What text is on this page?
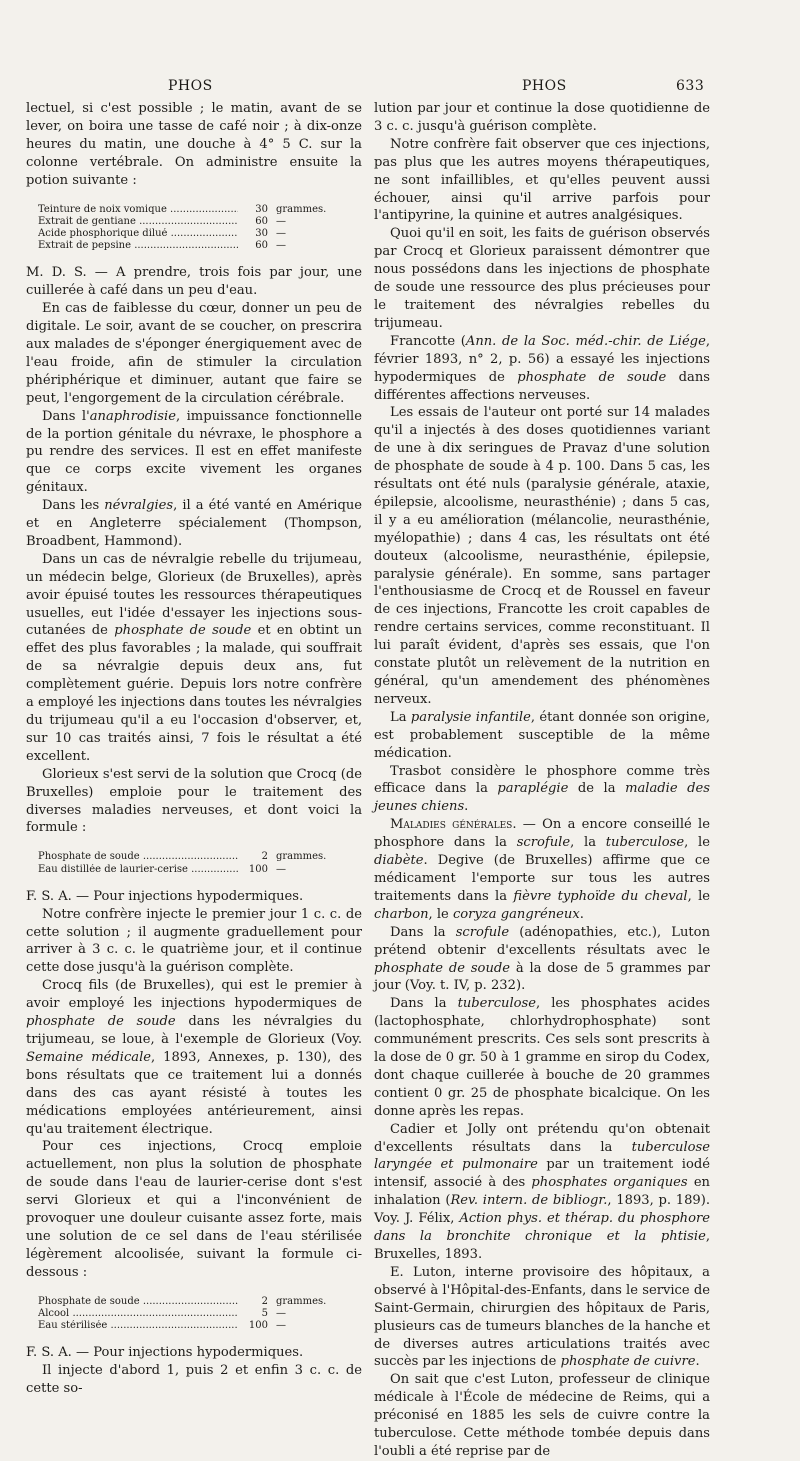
PHOS	PHOS	633

lectuel, si c'est possible ; le matin, avant de se lever, on boira une tasse de café noir ; à dix-onze heures du matin, une douche à 4° 5 C. sur la colonne vertébrale. On administre ensuite la potion suivante :

Teinture de noix vomique .....	30 grammes.
Extrait de gentiane .....	60 —
Acide phosphorique dilué .....	30 —
Extrait de pepsine .....	60 —

M. D. S. — A prendre, trois fois par jour, une cuillerée à café dans un peu d'eau.

En cas de faiblesse du cœur, donner un peu de digitale. Le soir, avant de se coucher, on prescrira aux malades de s'éponger énergiquement avec de l'eau froide, afin de stimuler la circulation phériphérique et diminuer, autant que faire se peut, l'engorgement de la circulation cérébrale.

Dans l'anaphrodisie, impuissance fonctionnelle de la portion génitale du névraxe, le phosphore a pu rendre des services. Il est en effet manifeste que ce corps excite vivement les organes génitaux.

Dans les névralgies, il a été vanté en Amérique et en Angleterre spécialement (Thompson, Broadbent, Hammond).

Dans un cas de névralgie rebelle du trijumeau, un médecin belge, Glorieux (de Bruxelles), après avoir épuisé toutes les ressources thérapeutiques usuelles, eut l'idée d'essayer les injections sous-cutanées de phosphate de soude et en obtint un effet des plus favorables ; la malade, qui souffrait de sa névralgie depuis deux ans, fut complètement guérie. Depuis lors notre confrère a employé les injections dans toutes les névralgies du trijumeau qu'il a eu l'occasion d'observer, et, sur 10 cas traités ainsi, 7 fois le résultat a été excellent.

Glorieux s'est servi de la solution que Crocq (de Bruxelles) emploie pour le traitement des diverses maladies nerveuses, et dont voici la formule :

Phosphate de soude .....	2 grammes.
Eau distillée de laurier-cerise .....	100 —

F. S. A. — Pour injections hypodermiques.

Notre confrère injecte le premier jour 1 c. c. de cette solution ; il augmente graduellement pour arriver à 3 c. c. le quatrième jour, et il continue cette dose jusqu'à la guérison complète.

Crocq fils (de Bruxelles), qui est le premier à avoir employé les injections hypodermiques de phosphate de soude dans les névralgies du trijumeau, se loue, à l'exemple de Glorieux (Voy. Semaine médicale, 1893, Annexes, p. 130), des bons résultats que ce traitement lui a donnés dans des cas ayant résisté à toutes les médications employées antérieurement, ainsi qu'au traitement électrique.

Pour ces injections, Crocq emploie actuellement, non plus la solution de phosphate de soude dans l'eau de laurier-cerise dont s'est servi Glorieux et qui a l'inconvénient de provoquer une douleur cuisante assez forte, mais une solution de ce sel dans de l'eau stérilisée légèrement alcoolisée, suivant la formule ci-dessous :

Phosphate de soude .....	2 grammes.
Alcool .....	5 —
Eau stérilisée .....	100 —

F. S. A. — Pour injections hypodermiques.

Il injecte d'abord 1, puis 2 et enfin 3 c. c. de cette so-

lution par jour et continue la dose quotidienne de 3 c. c. jusqu'à guérison complète.

Notre confrère fait observer que ces injections, pas plus que les autres moyens thérapeutiques, ne sont infaillibles, et qu'elles peuvent aussi échouer, ainsi qu'il arrive parfois pour l'antipyrine, la quinine et autres analgésiques.

Quoi qu'il en soit, les faits de guérison observés par Crocq et Glorieux paraissent démontrer que nous possédons dans les injections de phosphate de soude une ressource des plus précieuses pour le traitement des névralgies rebelles du trijumeau.

Francotte (Ann. de la Soc. méd.-chir. de Liége, février 1893, n° 2, p. 56) a essayé les injections hypodermiques de phosphate de soude dans différentes affections nerveuses.

Les essais de l'auteur ont porté sur 14 malades qu'il a injectés à des doses quotidiennes variant de une à dix seringues de Pravaz d'une solution de phosphate de soude à 4 p. 100. Dans 5 cas, les résultats ont été nuls (paralysie générale, ataxie, épilepsie, alcoolisme, neurasthénie) ; dans 5 cas, il y a eu amélioration (mélancolie, neurasthénie, myélopathie) ; dans 4 cas, les résultats ont été douteux (alcoolisme, neurasthénie, épilepsie, paralysie générale). En somme, sans partager l'enthousiasme de Crocq et de Roussel en faveur de ces injections, Francotte les croit capables de rendre certains services, comme reconstituant. Il lui paraît évident, d'après ses essais, que l'on constate plutôt un relèvement de la nutrition en général, qu'un amendement des phénomènes nerveux.

La paralysie infantile, étant donnée son origine, est probablement susceptible de la même médication.

Trasbot considère le phosphore comme très efficace dans la paraplégie de la maladie des jeunes chiens.

Maladies générales. — On a encore conseillé le phosphore dans la scrofule, la tuberculose, le diabète. Degive (de Bruxelles) affirme que ce médicament l'emporte sur tous les autres traitements dans la fièvre typhoïde du cheval, le charbon, le coryza gangréneux.

Dans la scrofule (adénopathies, etc.), Luton prétend obtenir d'excellents résultats avec le phosphate de soude à la dose de 5 grammes par jour (Voy. t. IV, p. 232).

Dans la tuberculose, les phosphates acides (lactophosphate, chlorhydrophosphate) sont communément prescrits. Ces sels sont prescrits à la dose de 0 gr. 50 à 1 gramme en sirop du Codex, dont chaque cuillerée à bouche de 20 grammes contient 0 gr. 25 de phosphate bicalcique. On les donne après les repas.

Cadier et Jolly ont prétendu qu'on obtenait d'excellents résultats dans la tuberculose laryngée et pulmonaire par un traitement iodé intensif, associé à des phosphates organiques en inhalation (Rev. intern. de bibliogr., 1893, p. 189). Voy. J. Félix, Action phys. et thérap. du phosphore dans la bronchite chronique et la phtisie, Bruxelles, 1893.

E. Luton, interne provisoire des hôpitaux, a observé à l'Hôpital-des-Enfants, dans le service de Saint-Germain, chirurgien des hôpitaux de Paris, plusieurs cas de tumeurs blanches de la hanche et de diverses autres articulations traités avec succès par les injections de phosphate de cuivre.

On sait que c'est Luton, professeur de clinique médicale à l'École de médecine de Reims, qui a préconisé en 1885 les sels de cuivre contre la tuberculose. Cette méthode tombée depuis dans l'oubli a été reprise par de
